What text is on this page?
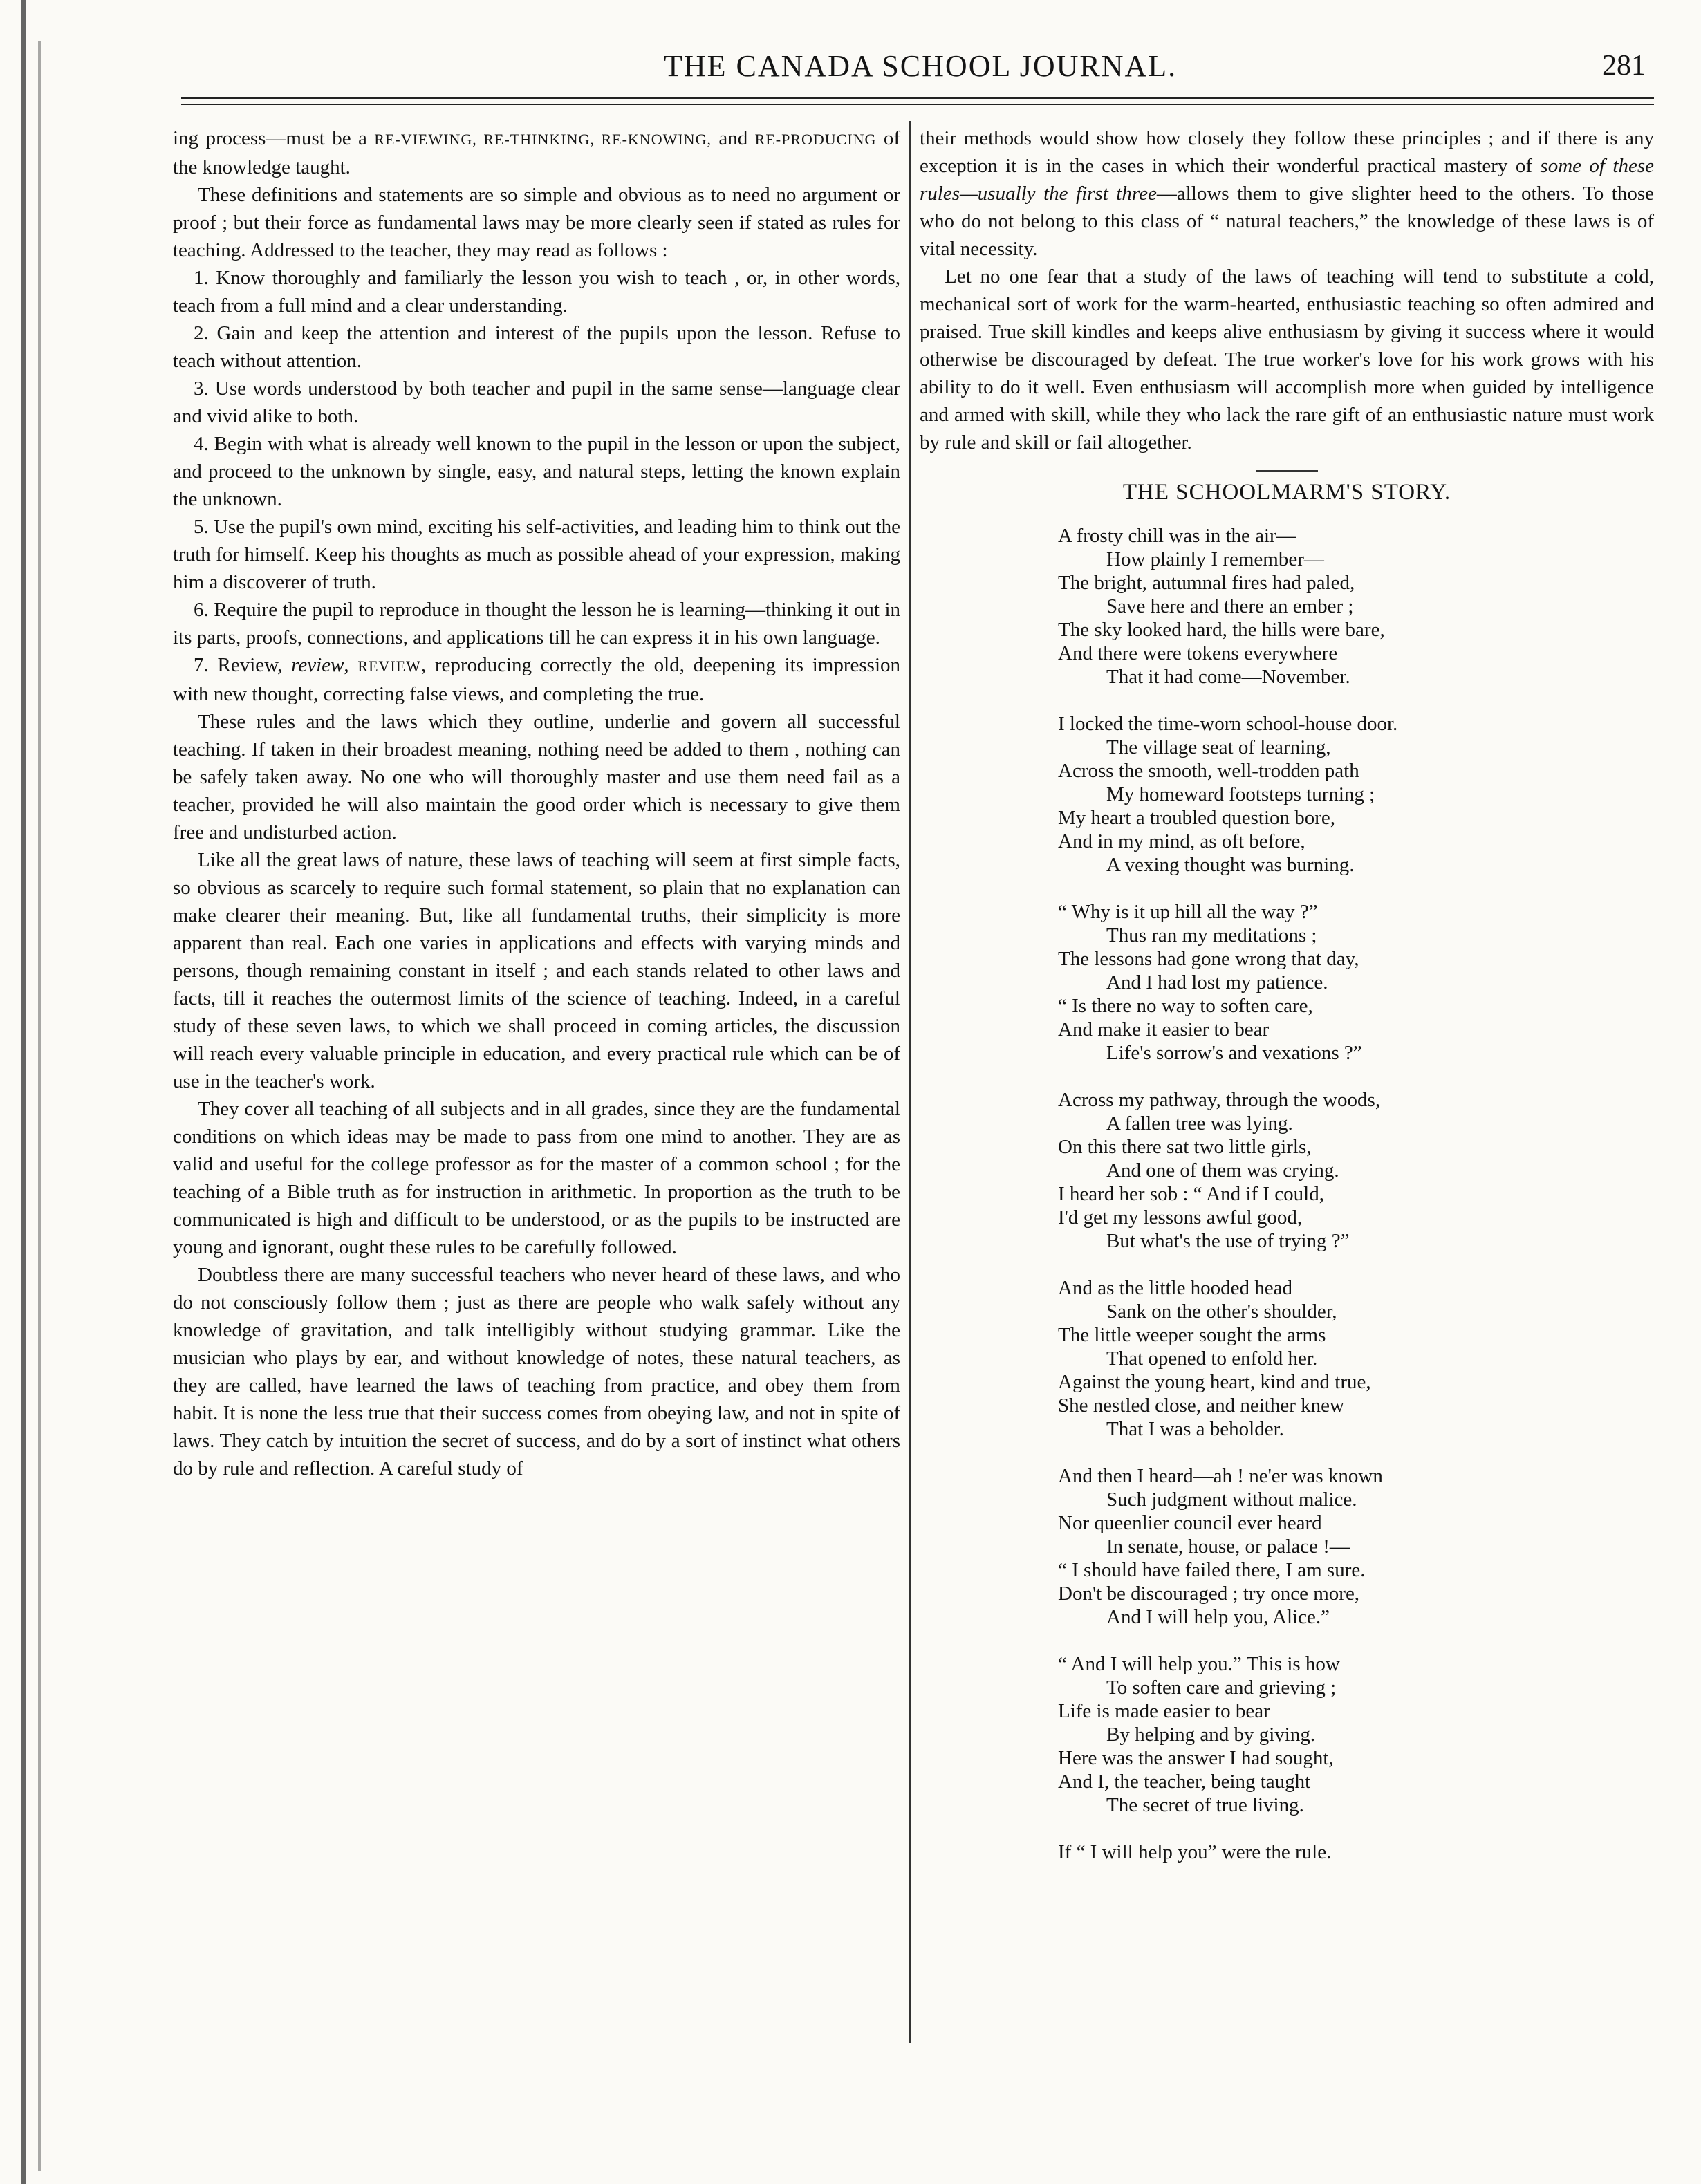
THE CANADA SCHOOL JOURNAL.	281

ing process—must be a RE-VIEWING, RE-THINKING, RE-KNOWING, and RE-PRODUCING of the knowledge taught.

These definitions and statements are so simple and obvious as to need no argument or proof ; but their force as fundamental laws may be more clearly seen if stated as rules for teaching. Addressed to the teacher, they may read as follows :

1. Know thoroughly and familiarly the lesson you wish to teach , or, in other words, teach from a full mind and a clear understanding.

2. Gain and keep the attention and interest of the pupils upon the lesson. Refuse to teach without attention.

3. Use words understood by both teacher and pupil in the same sense—language clear and vivid alike to both.

4. Begin with what is already well known to the pupil in the lesson or upon the subject, and proceed to the unknown by single, easy, and natural steps, letting the known explain the unknown.

5. Use the pupil's own mind, exciting his self-activities, and leading him to think out the truth for himself. Keep his thoughts as much as possible ahead of your expression, making him a discoverer of truth.

6. Require the pupil to reproduce in thought the lesson he is learning—thinking it out in its parts, proofs, connections, and applications till he can express it in his own language.

7. Review, review, REVIEW, reproducing correctly the old, deepening its impression with new thought, correcting false views, and completing the true.

These rules and the laws which they outline, underlie and govern all successful teaching. If taken in their broadest meaning, nothing need be added to them , nothing can be safely taken away. No one who will thoroughly master and use them need fail as a teacher, provided he will also maintain the good order which is necessary to give them free and undisturbed action.

Like all the great laws of nature, these laws of teaching will seem at first simple facts, so obvious as scarcely to require such formal statement, so plain that no explanation can make clearer their meaning. But, like all fundamental truths, their simplicity is more apparent than real. Each one varies in applications and effects with varying minds and persons, though remaining constant in itself ; and each stands related to other laws and facts, till it reaches the outermost limits of the science of teaching. Indeed, in a careful study of these seven laws, to which we shall proceed in coming articles, the discussion will reach every valuable principle in education, and every practical rule which can be of use in the teacher's work.

They cover all teaching of all subjects and in all grades, since they are the fundamental conditions on which ideas may be made to pass from one mind to another. They are as valid and useful for the college professor as for the master of a common school ; for the teaching of a Bible truth as for instruction in arithmetic. In proportion as the truth to be communicated is high and difficult to be understood, or as the pupils to be instructed are young and ignorant, ought these rules to be carefully followed.

Doubtless there are many successful teachers who never heard of these laws, and who do not consciously follow them ; just as there are people who walk safely without any knowledge of gravitation, and talk intelligibly without studying grammar. Like the musician who plays by ear, and without knowledge of notes, these natural teachers, as they are called, have learned the laws of teaching from practice, and obey them from habit. It is none the less true that their success comes from obeying law, and not in spite of laws. They catch by intuition the secret of success, and do by a sort of instinct what others do by rule and reflection. A careful study of

their methods would show how closely they follow these principles ; and if there is any exception it is in the cases in which their wonderful practical mastery of some of these rules—usually the first three—allows them to give slighter heed to the others. To those who do not belong to this class of “ natural teachers,” the knowledge of these laws is of vital necessity.

Let no one fear that a study of the laws of teaching will tend to substitute a cold, mechanical sort of work for the warm-hearted, enthusiastic teaching so often admired and praised. True skill kindles and keeps alive enthusiasm by giving it success where it would otherwise be discouraged by defeat. The true worker's love for his work grows with his ability to do it well. Even enthusiasm will accomplish more when guided by intelligence and armed with skill, while they who lack the rare gift of an enthusiastic nature must work by rule and skill or fail altogether.

THE SCHOOLMARM'S STORY.
A frosty chill was in the air—
How plainly I remember—
The bright, autumnal fires had paled,
Save here and there an ember ;
The sky looked hard, the hills were bare,
And there were tokens everywhere
That it had come—November.
I locked the time-worn school-house door.
The village seat of learning,
Across the smooth, well-trodden path
My homeward footsteps turning ;
My heart a troubled question bore,
And in my mind, as oft before,
A vexing thought was burning.
“ Why is it up hill all the way ?”
Thus ran my meditations ;
The lessons had gone wrong that day,
And I had lost my patience.
“ Is there no way to soften care,
And make it easier to bear
Life's sorrow's and vexations ?”
Across my pathway, through the woods,
A fallen tree was lying.
On this there sat two little girls,
And one of them was crying.
I heard her sob : “ And if I could,
I'd get my lessons awful good,
But what's the use of trying ?”
And as the little hooded head
Sank on the other's shoulder,
The little weeper sought the arms
That opened to enfold her.
Against the young heart, kind and true,
She nestled close, and neither knew
That I was a beholder.
And then I heard—ah ! ne'er was known
Such judgment without malice.
Nor queenlier council ever heard
In senate, house, or palace !—
“ I should have failed there, I am sure.
Don't be discouraged ; try once more,
And I will help you, Alice.”
“ And I will help you.” This is how
To soften care and grieving ;
Life is made easier to bear
By helping and by giving.
Here was the answer I had sought,
And I, the teacher, being taught
The secret of true living.
If “ I will help you” were the rule.
